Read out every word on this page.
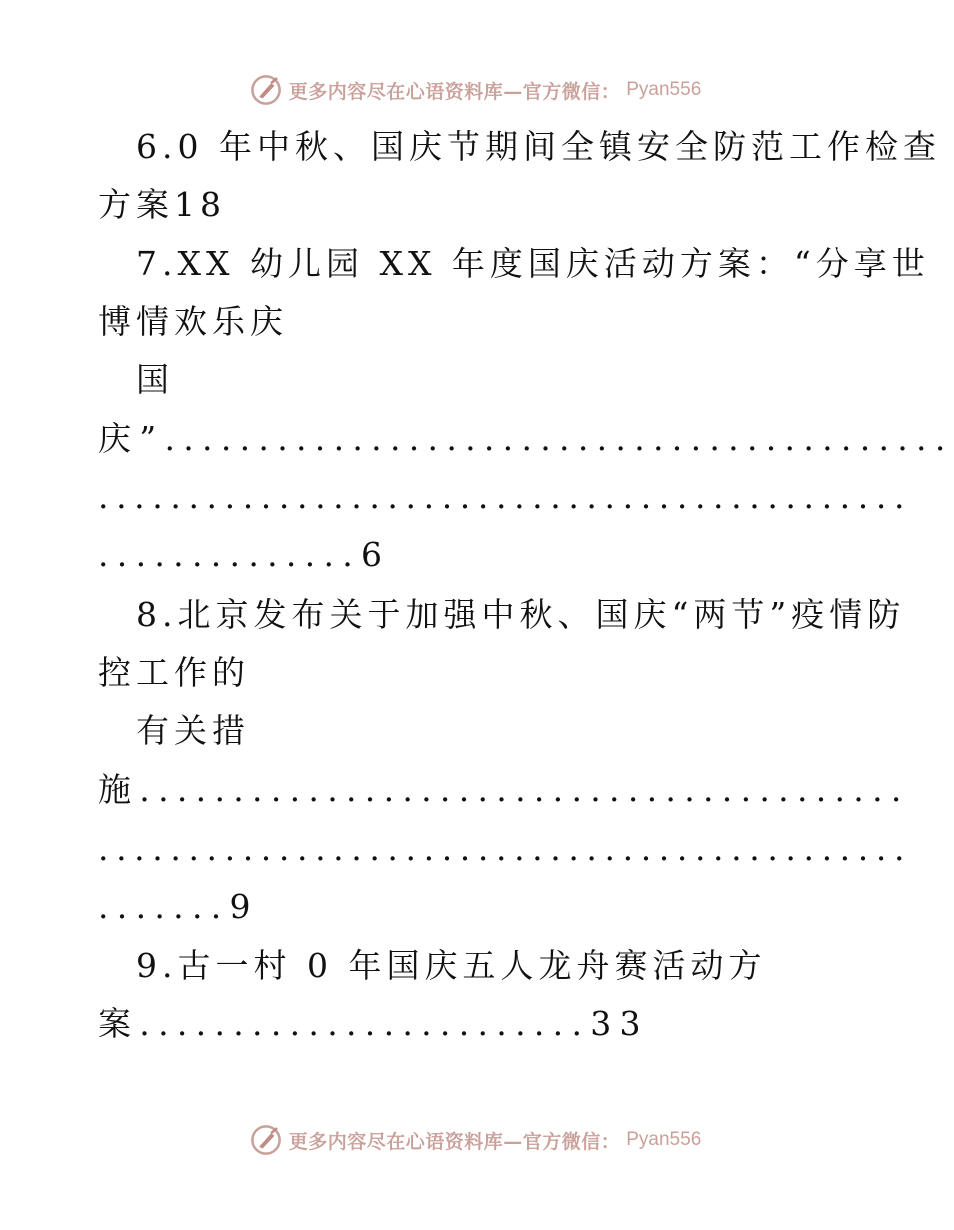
更多内容尽在心语资料库—官方微信： Pyan556
6.0 年中秋、国庆节期间全镇安全防范工作检查
方案18
7.XX 幼儿园 XX 年度国庆活动方案：“分享世
博情欢乐庆
国
庆”..........................................
.............................................
..............6
8.北京发布关于加强中秋、国庆“两节”疫情防
控工作的
有关措
施.........................................
.............................................
.......9
9.古一村 0 年国庆五人龙舟赛活动方
案........................33
更多内容尽在心语资料库—官方微信： Pyan556
